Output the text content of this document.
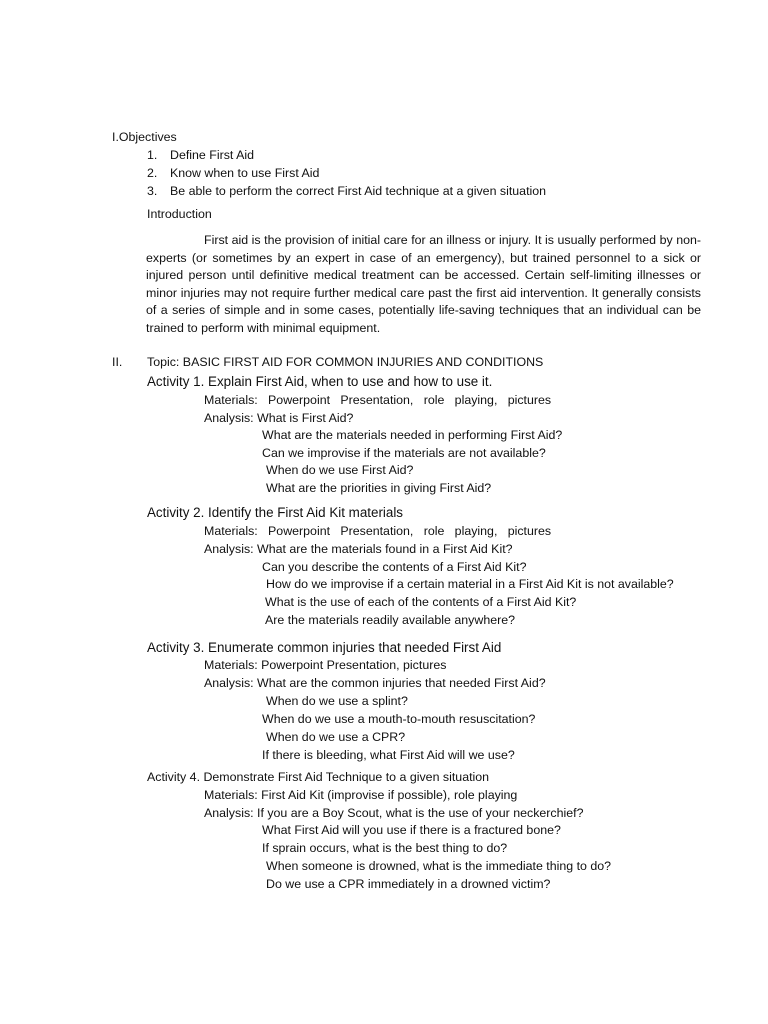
I.Objectives
1. Define First Aid
2. Know when to use First Aid
3. Be able to perform the correct First Aid technique at a given situation
Introduction
First aid is the provision of initial care for an illness or injury. It is usually performed by non-experts (or sometimes by an expert in case of an emergency), but trained personnel to a sick or injured person until definitive medical treatment can be accessed. Certain self-limiting illnesses or minor injuries may not require further medical care past the first aid intervention. It generally consists of a series of simple and in some cases, potentially life-saving techniques that an individual can be trained to perform with minimal equipment.
II. Topic: BASIC FIRST AID FOR COMMON INJURIES AND CONDITIONS
Activity 1. Explain First Aid, when to use and how to use it.
Materials:   Powerpoint   Presentation,   role   playing,   pictures
Analysis: What is First Aid?
What are the materials needed in performing First Aid?
Can we improvise if the materials are not available?
When do we use First Aid?
What are the priorities in giving First Aid?
Activity 2. Identify the First Aid Kit materials
Materials:   Powerpoint   Presentation,   role   playing,   pictures
Analysis: What are the materials found in a First Aid Kit?
Can you describe the contents of a First Aid Kit?
How do we improvise if a certain material in a First Aid Kit is not available?
What is the use of each of the contents of a First Aid Kit?
Are the materials readily available anywhere?
Activity 3. Enumerate common injuries that needed First Aid
Materials: Powerpoint Presentation, pictures
Analysis: What are the common injuries that needed First Aid?
When do we use a splint?
When do we use a mouth-to-mouth resuscitation?
When do we use a CPR?
If there is bleeding, what First Aid will we use?
Activity 4. Demonstrate First Aid Technique to a given situation
Materials: First Aid Kit (improvise if possible), role playing
Analysis: If you are a Boy Scout, what is the use of your neckerchief?
What First Aid will you use if there is a fractured bone?
If sprain occurs, what is the best thing to do?
When someone is drowned, what is the immediate thing to do?
Do we use a CPR immediately in a drowned victim?
